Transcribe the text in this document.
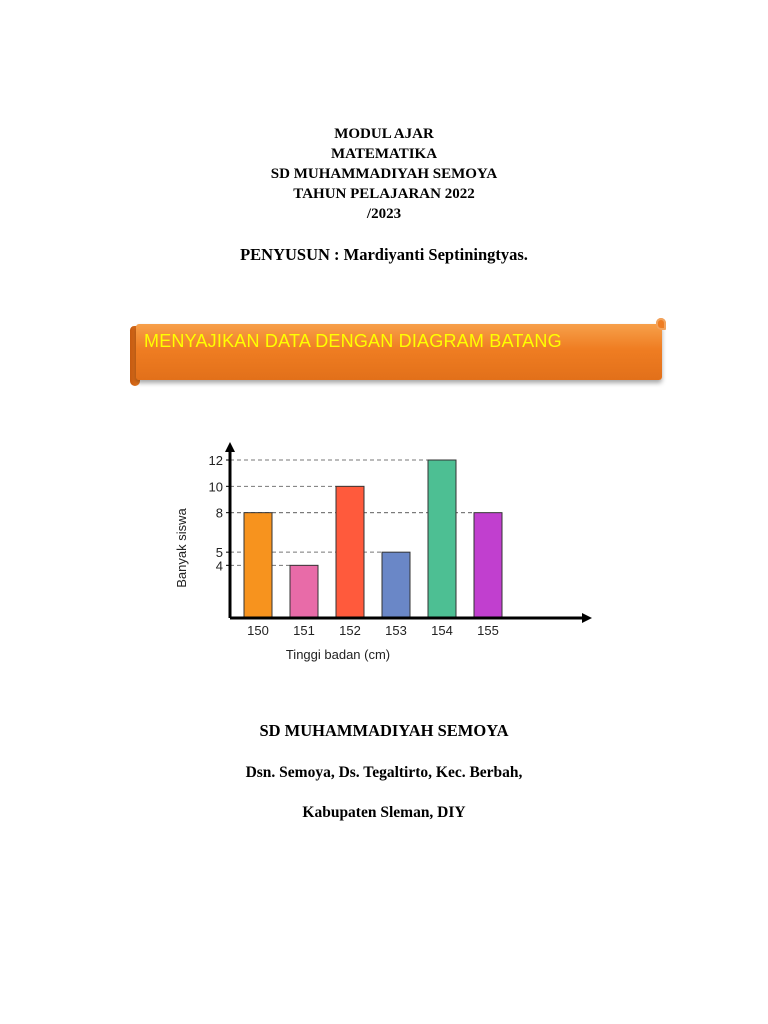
MODUL AJAR
MATEMATIKA
SD MUHAMMADIYAH SEMOYA
TAHUN PELAJARAN 2022
/2023
PENYUSUN : Mardiyanti Septiningtyas.
MENYAJIKAN DATA DENGAN DIAGRAM BATANG
4
5
8
10
12
150 151 152 153 154 155
Banyak siswa
Tinggi badan (cm)
SD MUHAMMADIYAH SEMOYA
Dsn. Semoya, Ds. Tegaltirto, Kec. Berbah,
Kabupaten Sleman, DIY
